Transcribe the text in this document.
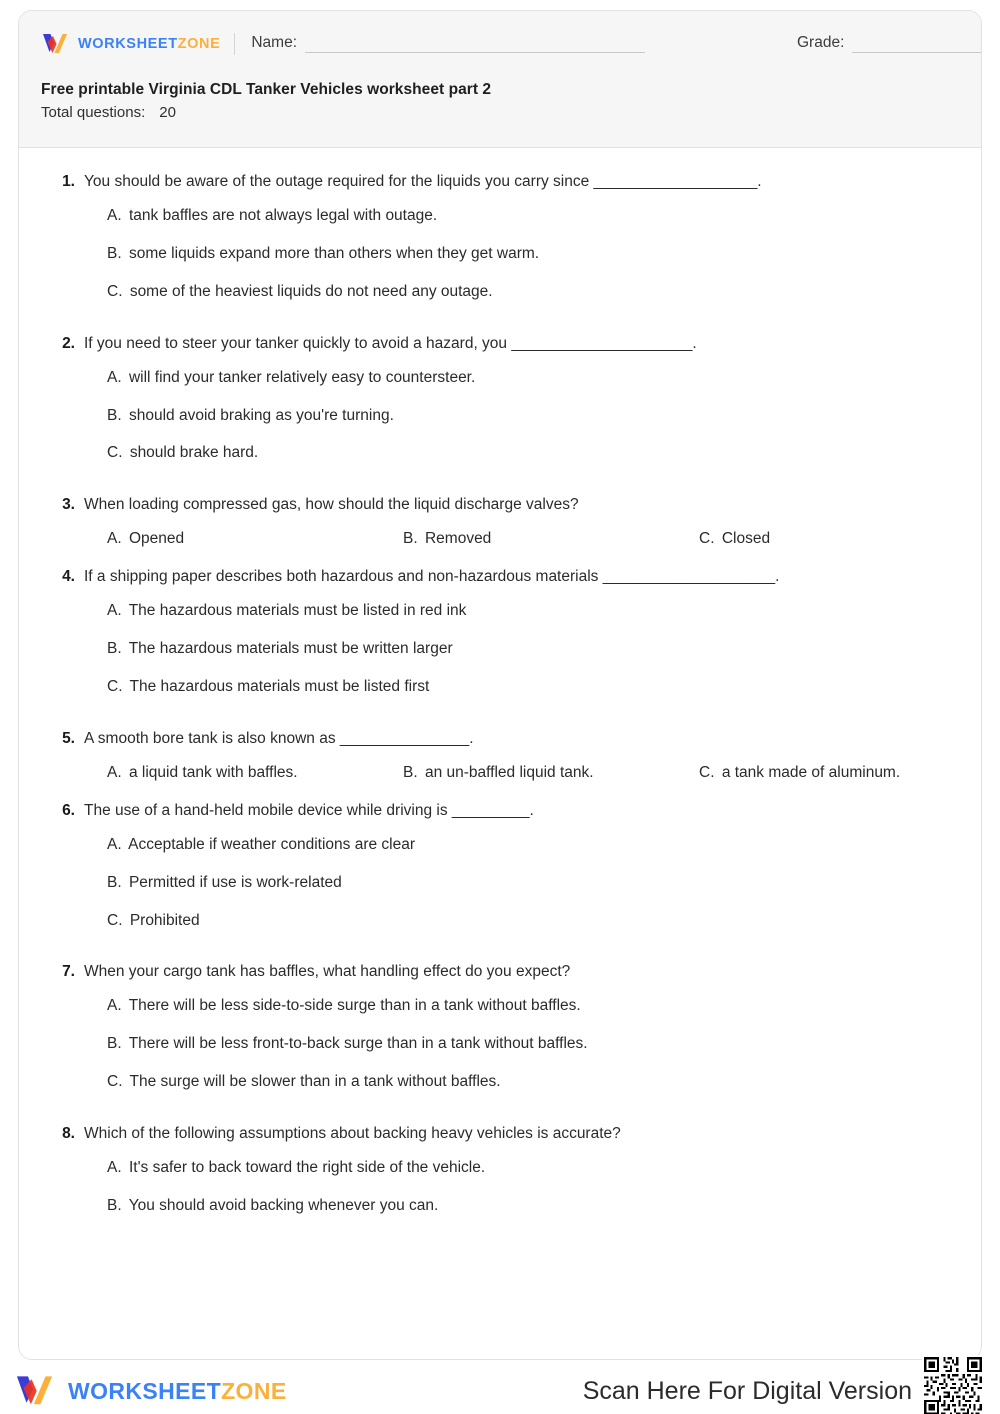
WORKSHEETZONE Name:	Grade:
Free printable Virginia CDL Tanker Vehicles worksheet part 2
Total questions: 20
1. You should be aware of the outage required for the liquids you carry since ___________________.
A. tank baffles are not always legal with outage.
B. some liquids expand more than others when they get warm.
C. some of the heaviest liquids do not need any outage.
2. If you need to steer your tanker quickly to avoid a hazard, you _____________________.
A. will find your tanker relatively easy to countersteer.
B. should avoid braking as you're turning.
C. should brake hard.
3. When loading compressed gas, how should the liquid discharge valves?
A. Opened	B. Removed	C. Closed
4. If a shipping paper describes both hazardous and non-hazardous materials ____________________.
A. The hazardous materials must be listed in red ink
B. The hazardous materials must be written larger
C. The hazardous materials must be listed first
5. A smooth bore tank is also known as _______________.
A. a liquid tank with baffles.	B. an un-baffled liquid tank.	C. a tank made of aluminum.
6. The use of a hand-held mobile device while driving is _________.
A. Acceptable if weather conditions are clear
B. Permitted if use is work-related
C. Prohibited
7. When your cargo tank has baffles, what handling effect do you expect?
A. There will be less side-to-side surge than in a tank without baffles.
B. There will be less front-to-back surge than in a tank without baffles.
C. The surge will be slower than in a tank without baffles.
8. Which of the following assumptions about backing heavy vehicles is accurate?
A. It's safer to back toward the right side of the vehicle.
B. You should avoid backing whenever you can.
WORKSHEETZONE	Scan Here For Digital Version
